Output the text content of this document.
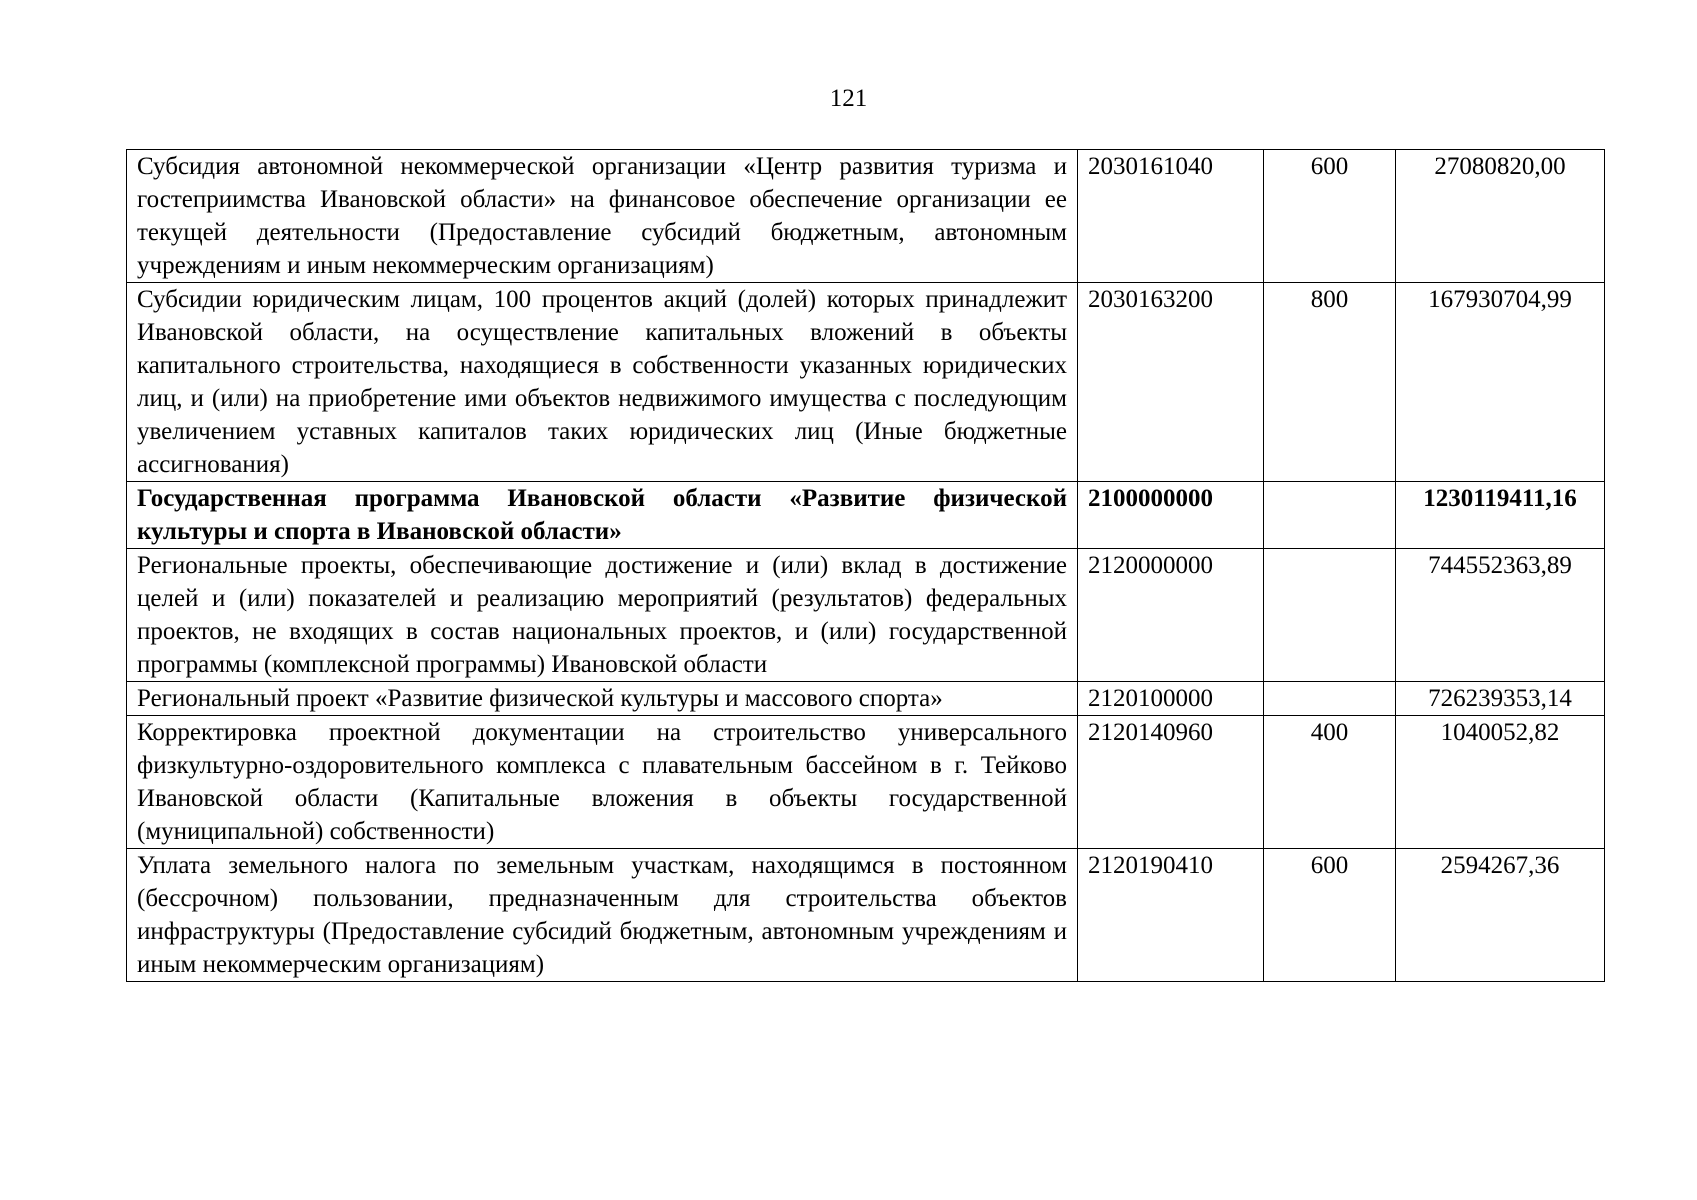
121
Субсидия автономной некоммерческой организации «Центр развития туризма и гостеприимства Ивановской области» на финансовое обеспечение организации ее текущей деятельности (Предоставление субсидий бюджетным, автономным учреждениям и иным некоммерческим организациям)	2030161040	600	27080820,00
Субсидии юридическим лицам, 100 процентов акций (долей) которых принадлежит Ивановской области, на осуществление капитальных вложений в объекты капитального строительства, находящиеся в собственности указанных юридических лиц, и (или) на приобретение ими объектов недвижимого имущества с последующим увеличением уставных капиталов таких юридических лиц (Иные бюджетные ассигнования)	2030163200	800	167930704,99
Государственная программа Ивановской области «Развитие физической культуры и спорта в Ивановской области»	2100000000		1230119411,16
Региональные проекты, обеспечивающие достижение и (или) вклад в достижение целей и (или) показателей и реализацию мероприятий (результатов) федеральных проектов, не входящих в состав национальных проектов, и (или) государственной программы (комплексной программы) Ивановской области	2120000000		744552363,89
Региональный проект «Развитие физической культуры и массового спорта»	2120100000		726239353,14
Корректировка проектной документации на строительство универсального физкультурно-оздоровительного комплекса с плавательным бассейном в г. Тейково Ивановской области (Капитальные вложения в объекты государственной (муниципальной) собственности)	2120140960	400	1040052,82
Уплата земельного налога по земельным участкам, находящимся в постоянном (бессрочном) пользовании, предназначенным для строительства объектов инфраструктуры (Предоставление субсидий бюджетным, автономным учреждениям и иным некоммерческим организациям)	2120190410	600	2594267,36
